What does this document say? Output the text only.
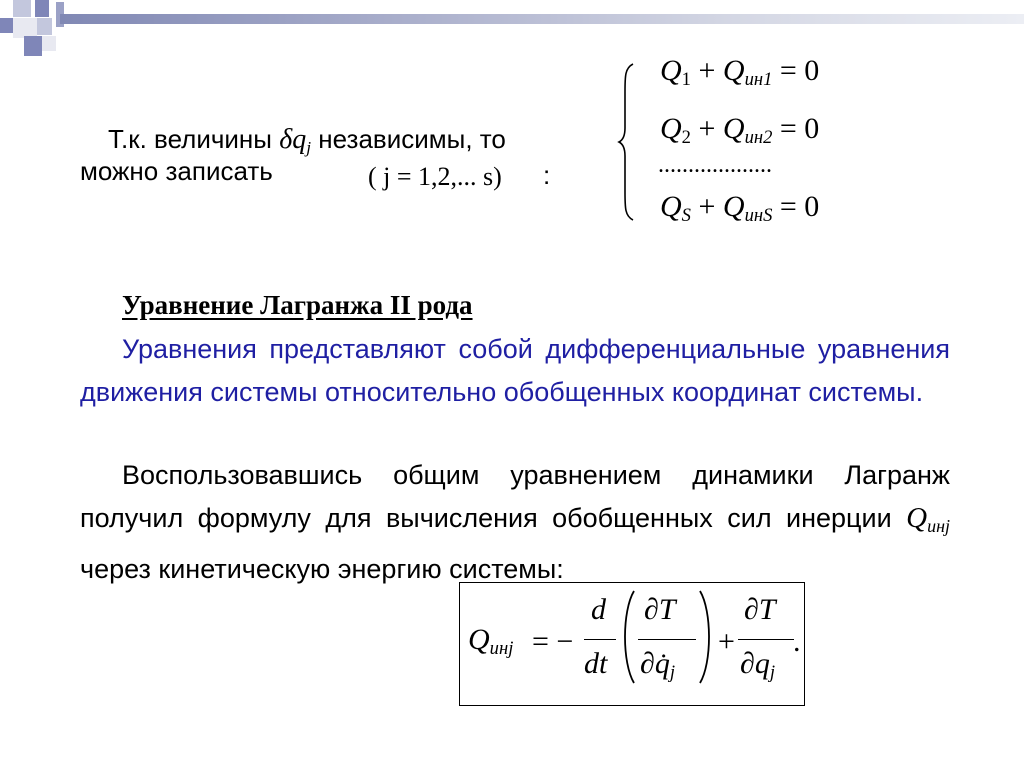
Т.к. величины $\delta q_j$ независимы, то
можно записать	( j = 1,2,... s) :
$Q_1 + Q_{ин1} = 0$
$Q_2 + Q_{ин2} = 0$
...................
$Q_S + Q_{инS} = 0$
Уравнение Лагранжа II рода
Уравнения представляют собой дифференциальные уравнения движения системы относительно обобщенных координат системы.
Воспользовавшись общим уравнением динамики Лагранж получил формулу для вычисления обобщенных сил инерции $Q_{инj}$ через кинетическую энергию системы:
$Q_{инj}$ = −
d
dt
∂T
$\partial q̇_j$
+
∂T
$\partial q_j$
.
